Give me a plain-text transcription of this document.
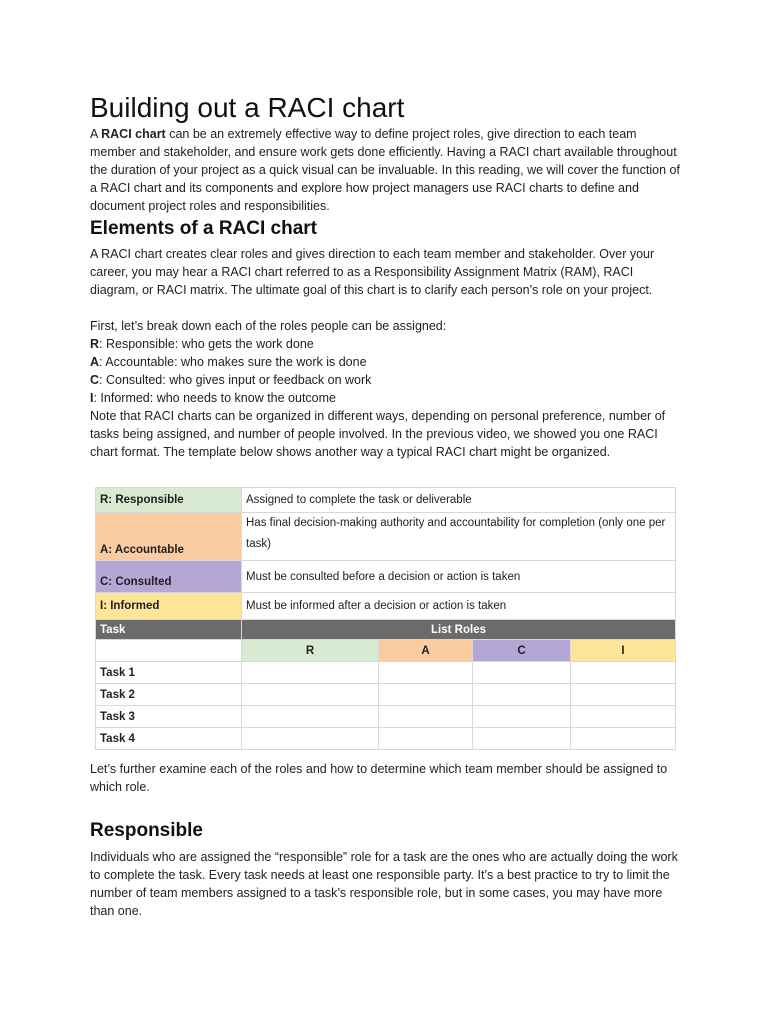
Building out a RACI chart

A RACI chart can be an extremely effective way to define project roles, give direction to each team member and stakeholder, and ensure work gets done efficiently. Having a RACI chart available throughout the duration of your project as a quick visual can be invaluable. In this reading, we will cover the function of a RACI chart and its components and explore how project managers use RACI charts to define and document project roles and responsibilities.

Elements of a RACI chart

A RACI chart creates clear roles and gives direction to each team member and stakeholder. Over your career, you may hear a RACI chart referred to as a Responsibility Assignment Matrix (RAM), RACI diagram, or RACI matrix. The ultimate goal of this chart is to clarify each person’s role on your project.

First, let’s break down each of the roles people can be assigned:

R: Responsible: who gets the work done

A: Accountable: who makes sure the work is done

C: Consulted: who gives input or feedback on work

I: Informed: who needs to know the outcome

Note that RACI charts can be organized in different ways, depending on personal preference, number of tasks being assigned, and number of people involved. In the previous video, we showed you one RACI chart format. The template below shows another way a typical RACI chart might be organized.

Let’s further examine each of the roles and how to determine which team member should be assigned to which role.

Responsible

Individuals who are assigned the “responsible” role for a task are the ones who are actually doing the work to complete the task. Every task needs at least one responsible party. It’s a best practice to try to limit the number of team members assigned to a task’s responsible role, but in some cases, you may have more than one.

R: Responsible	Assigned to complete the task or deliverable			
A: Accountable	Has final decision-making authority and accountability for completion (only one per task)			
C: Consulted	Must be consulted before a decision or action is taken			
I: Informed	Must be informed after a decision or action is taken			
Task	List Roles			
	R	A	C	I
Task 1				
Task 2				
Task 3				
Task 4				
